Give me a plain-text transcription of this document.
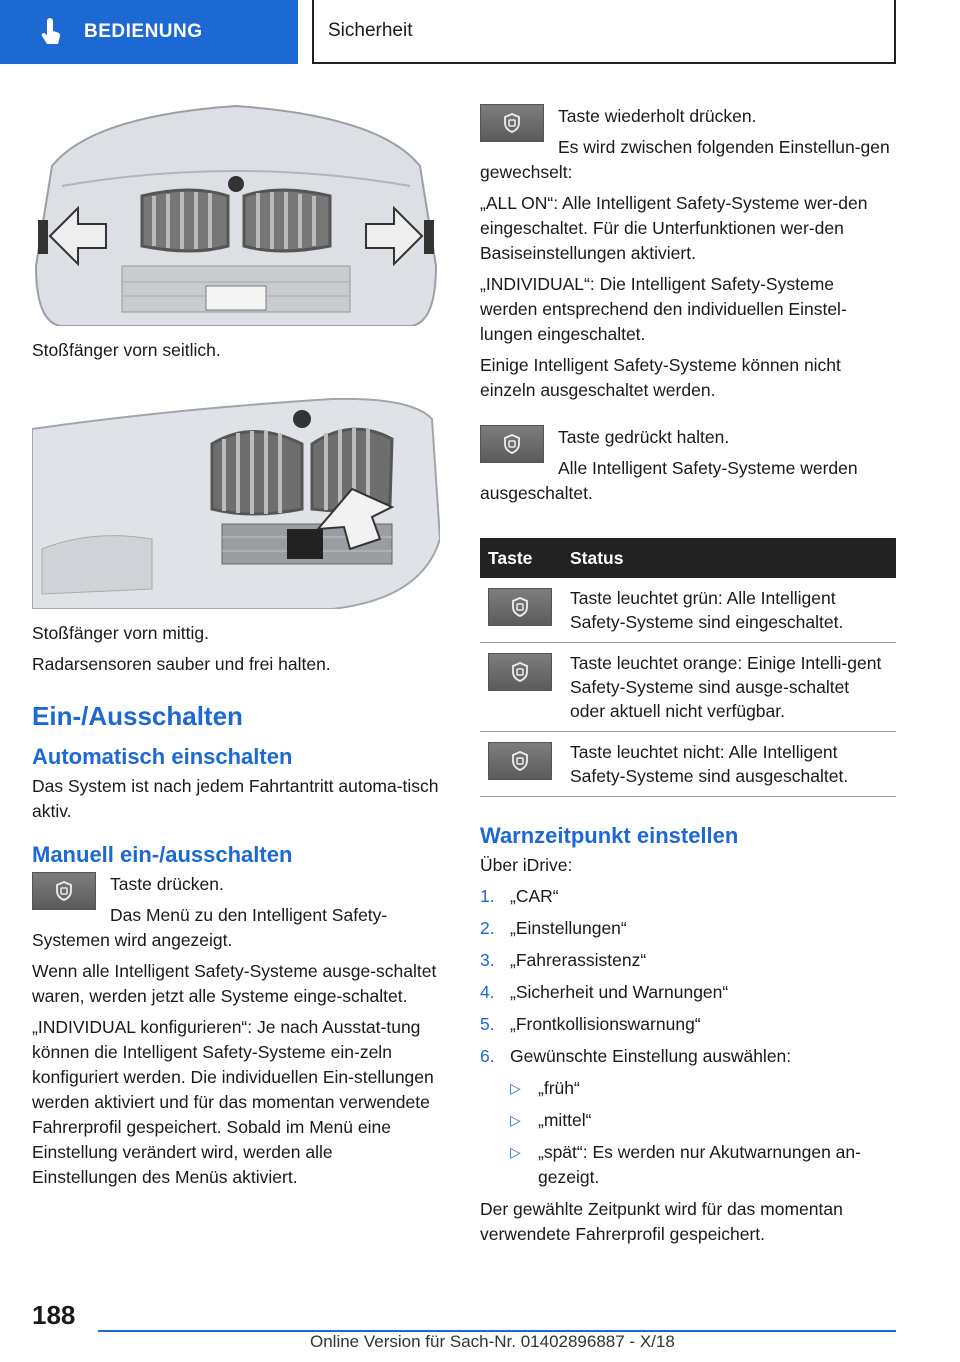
BEDIENUNG	Sicherheit

Stoßfänger vorn seitlich.

Stoßfänger vorn mittig.

Radarsensoren sauber und frei halten.

Ein-/Ausschalten
Automatisch einschalten

Das System ist nach jedem Fahrtantritt automa-tisch aktiv.

Manuell ein-/ausschalten

Taste drücken.

Das Menü zu den Intelligent Safety-Systemen wird angezeigt.

Wenn alle Intelligent Safety-Systeme ausge-schaltet waren, werden jetzt alle Systeme einge-schaltet.

„INDIVIDUAL konfigurieren“: Je nach Ausstat-tung können die Intelligent Safety-Systeme ein-zeln konfiguriert werden. Die individuellen Ein-stellungen werden aktiviert und für das momentan verwendete Fahrerprofil gespeichert. Sobald im Menü eine Einstellung verändert wird, werden alle Einstellungen des Menüs aktiviert.

Taste wiederholt drücken.

Es wird zwischen folgenden Einstellun-gen gewechselt:

„ALL ON“: Alle Intelligent Safety-Systeme wer-den eingeschaltet. Für die Unterfunktionen wer-den Basiseinstellungen aktiviert.

„INDIVIDUAL“: Die Intelligent Safety-Systeme werden entsprechend den individuellen Einstel-lungen eingeschaltet.

Einige Intelligent Safety-Systeme können nicht einzeln ausgeschaltet werden.

Taste gedrückt halten.

Alle Intelligent Safety-Systeme werden ausgeschaltet.

Taste	Status

	Taste leuchtet grün: Alle Intelligent Safety-Systeme sind eingeschaltet.

	Taste leuchtet orange: Einige Intelli-gent Safety-Systeme sind ausge-schaltet oder aktuell nicht verfügbar.

	Taste leuchtet nicht: Alle Intelligent Safety-Systeme sind ausgeschaltet.
Warnzeitpunkt einstellen

Über iDrive:

1. „CAR“
2. „Einstellungen“
3. „Fahrerassistenz“
4. „Sicherheit und Warnungen“
5. „Frontkollisionswarnung“
6. Gewünschte Einstellung auswählen:
▷ „früh“
▷ „mittel“
▷ „spät“: Es werden nur Akutwarnungen an-gezeigt.

Der gewählte Zeitpunkt wird für das momentan verwendete Fahrerprofil gespeichert.

188
Online Version für Sach-Nr. 01402896887 - X/18
